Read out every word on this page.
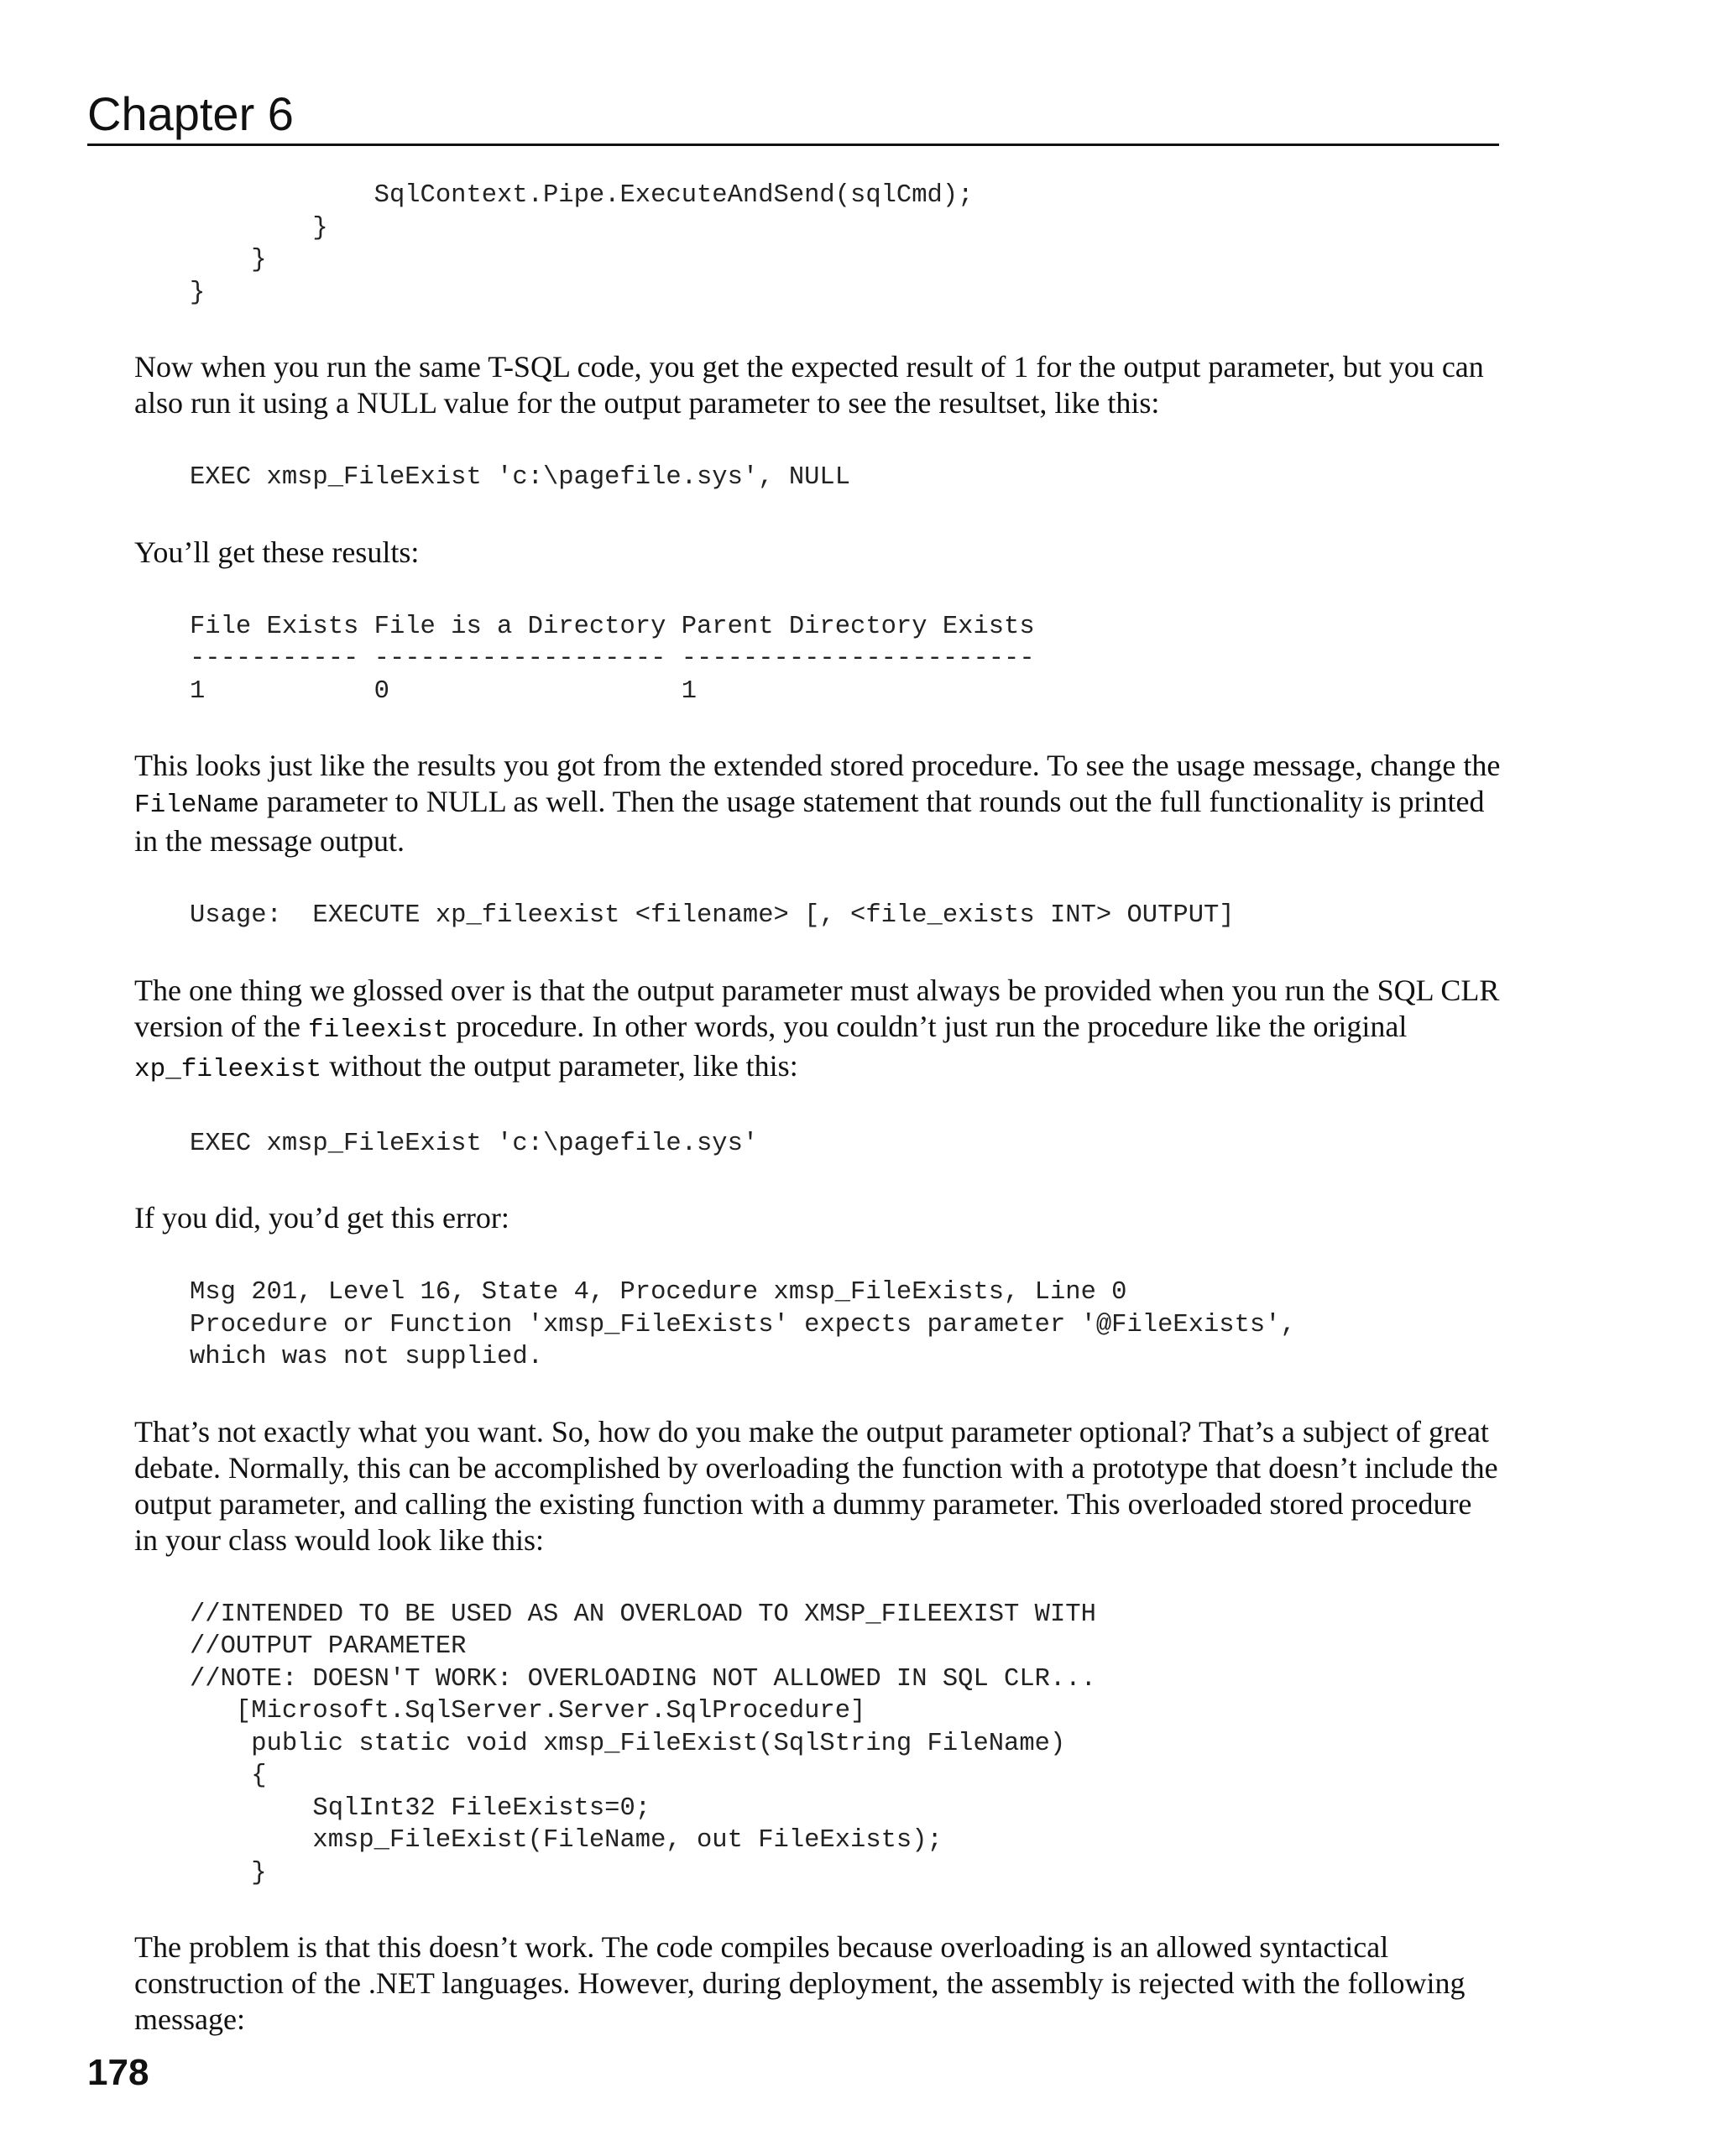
Chapter 6
SqlContext.Pipe.ExecuteAndSend(sqlCmd);
}
}
}

Now when you run the same T-SQL code, you get the expected result of 1 for the output parameter, but you can also run it using a NULL value for the output parameter to see the resultset, like this:

EXEC xmsp_FileExist 'c:\pagefile.sys', NULL

You’ll get these results:

File Exists File is a Directory Parent Directory Exists
----------- ------------------- -----------------------
1           0                   1

This looks just like the results you got from the extended stored procedure. To see the usage message, change the FileName parameter to NULL as well. Then the usage statement that rounds out the full functionality is printed in the message output.

Usage:  EXECUTE xp_fileexist <filename> [, <file_exists INT> OUTPUT]

The one thing we glossed over is that the output parameter must always be provided when you run the SQL CLR version of the fileexist procedure. In other words, you couldn’t just run the procedure like the original xp_fileexist without the output parameter, like this:

EXEC xmsp_FileExist 'c:\pagefile.sys'

If you did, you’d get this error:

Msg 201, Level 16, State 4, Procedure xmsp_FileExists, Line 0
Procedure or Function 'xmsp_FileExists' expects parameter '@FileExists',
which was not supplied.

That’s not exactly what you want. So, how do you make the output parameter optional? That’s a subject of great debate. Normally, this can be accomplished by overloading the function with a prototype that doesn’t include the output parameter, and calling the existing function with a dummy parameter. This overloaded stored procedure in your class would look like this:

//INTENDED TO BE USED AS AN OVERLOAD TO XMSP_FILEEXIST WITH
//OUTPUT PARAMETER
//NOTE: DOESN'T WORK: OVERLOADING NOT ALLOWED IN SQL CLR...
[Microsoft.SqlServer.Server.SqlProcedure]
public static void xmsp_FileExist(SqlString FileName)
{
SqlInt32 FileExists=0;
xmsp_FileExist(FileName, out FileExists);
}

The problem is that this doesn’t work. The code compiles because overloading is an allowed syntactical construction of the .NET languages. However, during deployment, the assembly is rejected with the following message:

178
